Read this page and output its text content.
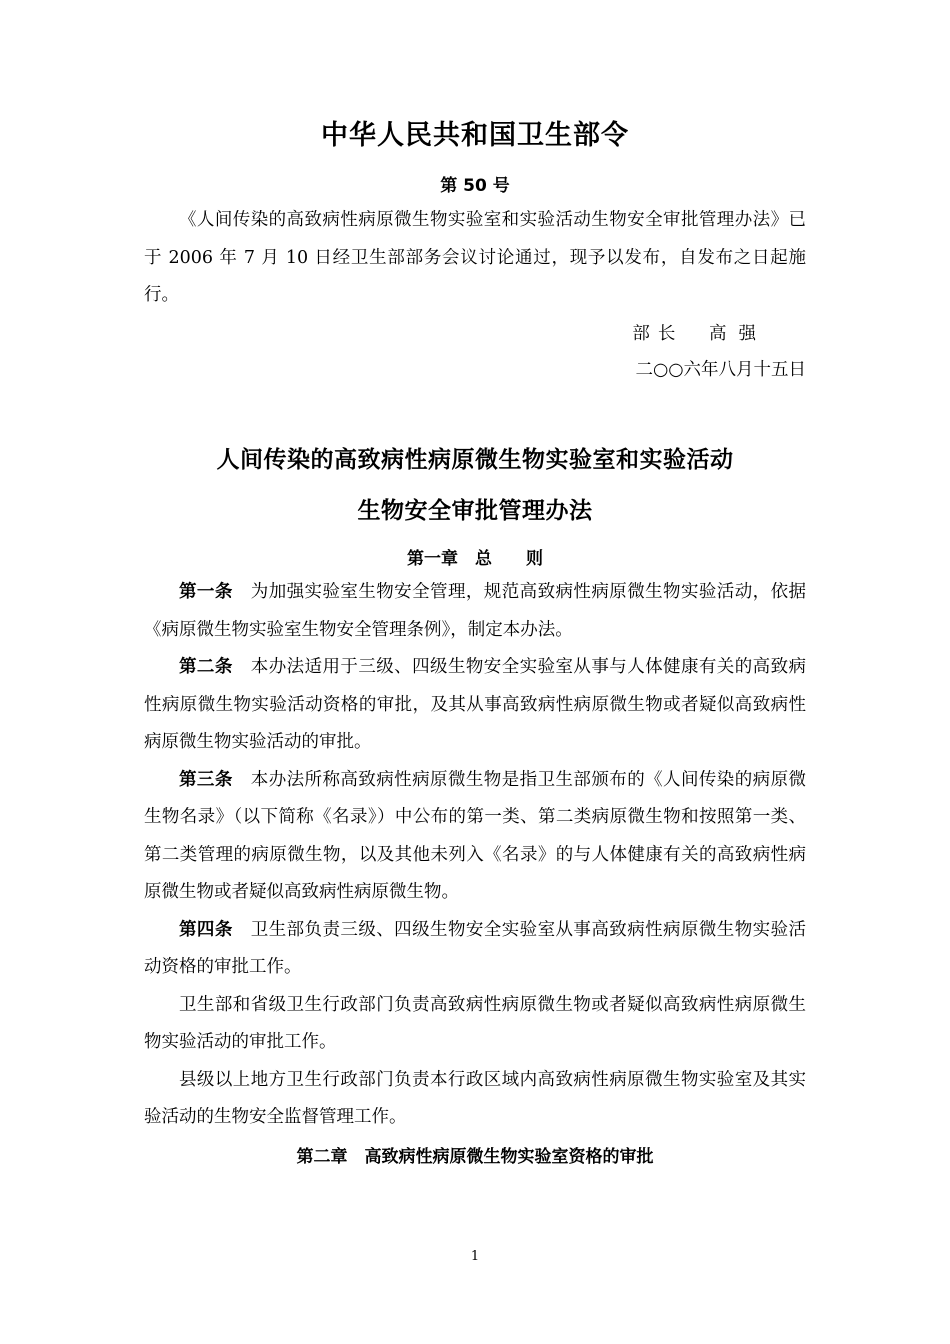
中华人民共和国卫生部令
第 50 号

《人间传染的高致病性病原微生物实验室和实验活动生物安全审批管理办法》已于 2006 年 7 月 10 日经卫生部部务会议讨论通过，现予以发布，自发布之日起施行。

部长 高强
二○○六年八月十五日
人间传染的高致病性病原微生物实验室和实验活动
生物安全审批管理办法
第一章　总　　则

第一条 为加强实验室生物安全管理，规范高致病性病原微生物实验活动，依据《病原微生物实验室生物安全管理条例》，制定本办法。

第二条 本办法适用于三级、四级生物安全实验室从事与人体健康有关的高致病性病原微生物实验活动资格的审批，及其从事高致病性病原微生物或者疑似高致病性病原微生物实验活动的审批。

第三条 本办法所称高致病性病原微生物是指卫生部颁布的《人间传染的病原微生物名录》（以下简称《名录》）中公布的第一类、第二类病原微生物和按照第一类、第二类管理的病原微生物，以及其他未列入《名录》的与人体健康有关的高致病性病原微生物或者疑似高致病性病原微生物。

第四条 卫生部负责三级、四级生物安全实验室从事高致病性病原微生物实验活动资格的审批工作。

卫生部和省级卫生行政部门负责高致病性病原微生物或者疑似高致病性病原微生物实验活动的审批工作。

县级以上地方卫生行政部门负责本行政区域内高致病性病原微生物实验室及其实验活动的生物安全监督管理工作。

第二章　高致病性病原微生物实验室资格的审批
1
